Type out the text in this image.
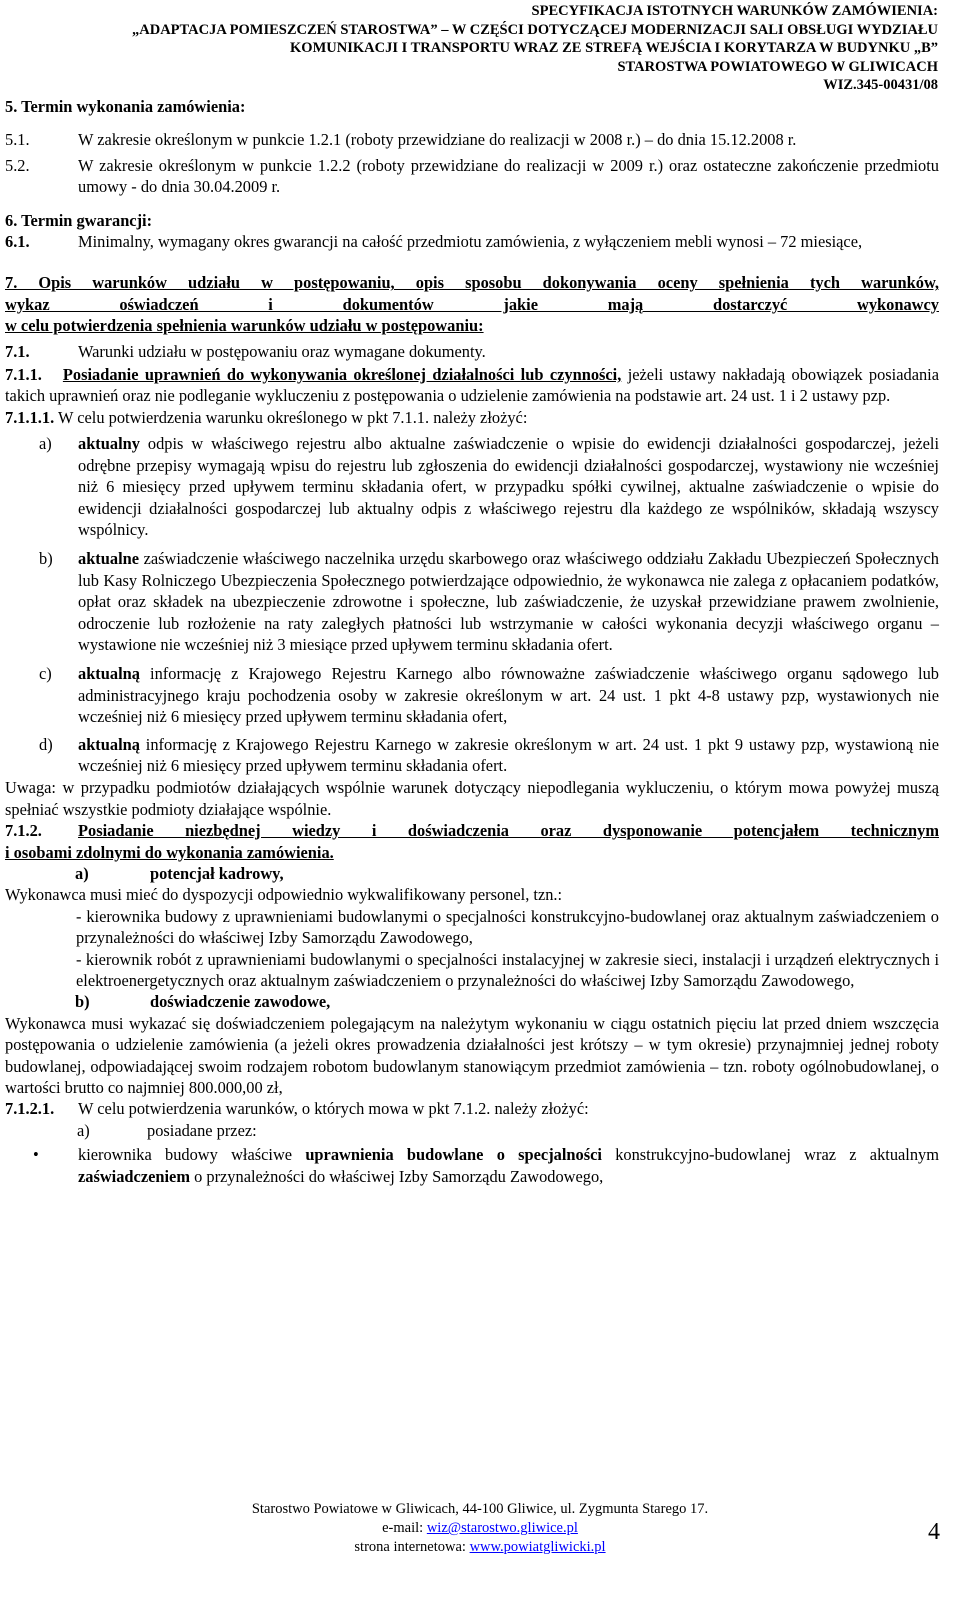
SPECYFIKACJA ISTOTNYCH WARUNKÓW ZAMÓWIENIA:
„ADAPTACJA POMIESZCZEŃ STAROSTWA” – W CZĘŚCI DOTYCZĄCEJ MODERNIZACJI SALI OBSŁUGI WYDZIAŁU
KOMUNIKACJI I TRANSPORTU WRAZ ZE STREFĄ WEJŚCIA I KORYTARZA W BUDYNKU „B”
STAROSTWA POWIATOWEGO W GLIWICACH
WIZ.345-00431/08

5. Termin wykonania zamówienia:

5.1.	W zakresie określonym w punkcie 1.2.1 (roboty przewidziane do realizacji w 2008 r.) – do dnia 15.12.2008 r.
5.2.	W zakresie określonym w punkcie 1.2.2 (roboty przewidziane do realizacji w 2009 r.) oraz ostateczne zakończenie przedmiotu umowy - do dnia 30.04.2009 r.

6. Termin gwarancji:

6.1.	Minimalny, wymagany okres gwarancji na całość przedmiotu zamówienia, z wyłączeniem mebli wynosi – 72 miesiące,

7. Opis warunków udziału w postępowaniu, opis sposobu dokonywania oceny spełnienia tych warunków,

wykaz oświadczeń i dokumentów jakie mają dostarczyć wykonawcy

w celu potwierdzenia spełnienia warunków udziału w postępowaniu:

7.1.	Warunki udziału w postępowaniu oraz wymagane dokumenty.

7.1.1. Posiadanie uprawnień do wykonywania określonej działalności lub czynności, jeżeli ustawy nakładają obowiązek posiadania takich uprawnień oraz nie podleganie wykluczeniu z postępowania o udzielenie zamówienia na podstawie art. 24 ust. 1 i 2 ustawy pzp.

7.1.1.1. W celu potwierdzenia warunku określonego w pkt 7.1.1. należy złożyć:

a)	aktualny odpis w właściwego rejestru albo aktualne zaświadczenie o wpisie do ewidencji działalności gospodarczej, jeżeli odrębne przepisy wymagają wpisu do rejestru lub zgłoszenia do ewidencji działalności gospodarczej, wystawiony nie wcześniej niż 6 miesięcy przed upływem terminu składania ofert, w przypadku spółki cywilnej, aktualne zaświadczenie o wpisie do ewidencji działalności gospodarczej lub aktualny odpis z właściwego rejestru dla każdego ze wspólników, składają wszyscy wspólnicy.
b)	aktualne zaświadczenie właściwego naczelnika urzędu skarbowego oraz właściwego oddziału Zakładu Ubezpieczeń Społecznych lub Kasy Rolniczego Ubezpieczenia Społecznego potwierdzające odpowiednio, że wykonawca nie zalega z opłacaniem podatków, opłat oraz składek na ubezpieczenie zdrowotne i społeczne, lub zaświadczenie, że uzyskał przewidziane prawem zwolnienie, odroczenie lub rozłożenie na raty zaległych płatności lub wstrzymanie w całości wykonania decyzji właściwego organu – wystawione nie wcześniej niż 3 miesiące przed upływem terminu składania ofert.
c)	aktualną informację z Krajowego Rejestru Karnego albo równoważne zaświadczenie właściwego organu sądowego lub administracyjnego kraju pochodzenia osoby w zakresie określonym w art. 24 ust. 1 pkt 4-8 ustawy pzp, wystawionych nie wcześniej niż 6 miesięcy przed upływem terminu składania ofert,
d)	aktualną informację z Krajowego Rejestru Karnego w zakresie określonym w art. 24 ust. 1 pkt 9 ustawy pzp, wystawioną nie wcześniej niż 6 miesięcy przed upływem terminu składania ofert.

Uwaga: w przypadku podmiotów działających wspólnie warunek dotyczący niepodlegania wykluczeniu, o którym mowa powyżej muszą spełniać wszystkie podmioty działające wspólnie.

7.1.2.	Posiadanie niezbędnej wiedzy i doświadczenia oraz dysponowanie potencjałem technicznym

i osobami zdolnymi do wykonania zamówienia.

a)	potencjał kadrowy,

Wykonawca musi mieć do dyspozycji odpowiednio wykwalifikowany personel, tzn.:

- kierownika budowy z uprawnieniami budowlanymi o specjalności konstrukcyjno-budowlanej oraz aktualnym zaświadczeniem o przynależności do właściwej Izby Samorządu Zawodowego,

- kierownik robót z uprawnieniami budowlanymi o specjalności instalacyjnej w zakresie sieci, instalacji i urządzeń elektrycznych i elektroenergetycznych oraz aktualnym zaświadczeniem o przynależności do właściwej Izby Samorządu Zawodowego,

b)	doświadczenie zawodowe,

Wykonawca musi wykazać się doświadczeniem polegającym na należytym wykonaniu w ciągu ostatnich pięciu lat przed dniem wszczęcia postępowania o udzielenie zamówienia (a jeżeli okres prowadzenia działalności jest krótszy – w tym okresie) przynajmniej jednej roboty budowlanej, odpowiadającej swoim rodzajem robotom budowlanym stanowiącym przedmiot zamówienia – tzn. roboty ogólnobudowlanej, o wartości brutto co najmniej 800.000,00 zł,

7.1.2.1.	W celu potwierdzenia warunków, o których mowa w pkt 7.1.2. należy złożyć:
a)	posiadane przez:
•	kierownika budowy właściwe uprawnienia budowlane o specjalności konstrukcyjno-budowlanej wraz z aktualnym zaświadczeniem o przynależności do właściwej Izby Samorządu Zawodowego,
Starostwo Powiatowe w Gliwicach, 44-100 Gliwice, ul. Zygmunta Starego 17.
e-mail: wiz@starostwo.gliwice.pl
strona internetowa: www.powiatgliwicki.pl
4
